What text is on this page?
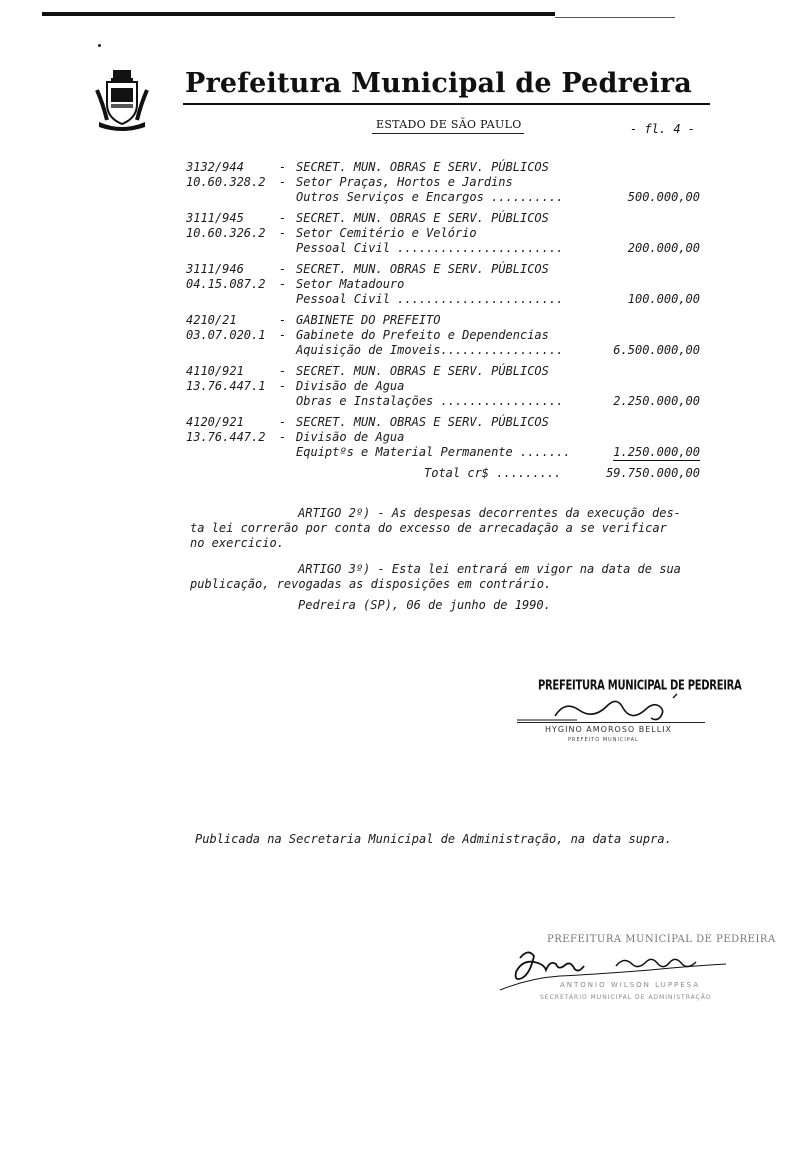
Prefeitura Municipal de Pedreira
ESTADO DE SÃO PAULO	- fl. 4 -
3132/944	- SECRET. MUN. OBRAS E SERV. PÚBLICOS
10.60.328.2 - Setor Praças, Hortos e Jardins
Outros Serviços e Encargos ..........	500.000,00
3111/945	- SECRET. MUN. OBRAS E SERV. PÚBLICOS
10.60.326.2 - Setor Cemitério e Velório
Pessoal Civil .......................	200.000,00
3111/946	- SECRET. MUN. OBRAS E SERV. PÚBLICOS
04.15.087.2 - Setor Matadouro
Pessoal Civil .......................	100.000,00
4210/21	- GABINETE DO PREFEITO
03.07.020.1 - Gabinete do Prefeito e Dependencias
Aquisição de Imoveis.................	6.500.000,00
4110/921	- SECRET. MUN. OBRAS E SERV. PÚBLICOS
13.76.447.1 - Divisão de Agua
Obras e Instalações .................	2.250.000,00
4120/921	- SECRET. MUN. OBRAS E SERV. PÚBLICOS
13.76.447.2 - Divisão de Agua
Equiptºs e Material Permanente .......	1.250.000,00
Total cr$ .........	59.750.000,00
ARTIGO 2º) - As despesas decorrentes da execução des-
ta lei correrão por conta do excesso de arrecadação a se verificar
no exercicio.
ARTIGO 3º) - Esta lei entrará em vigor na data de sua
publicação, revogadas as disposições em contrário.
Pedreira (SP), 06 de junho de 1990.
PREFEITURA MUNICIPAL DE PEDREIRA
HYGINO AMOROSO BELLIX
PREFEITO MUNICIPAL
Publicada na Secretaria Municipal de Administração, na data supra.
PREFEITURA MUNICIPAL DE PEDREIRA
ANTONIO WILSON LUPPESA
SECRETÁRIO MUNICIPAL DE ADMINISTRAÇÃO
